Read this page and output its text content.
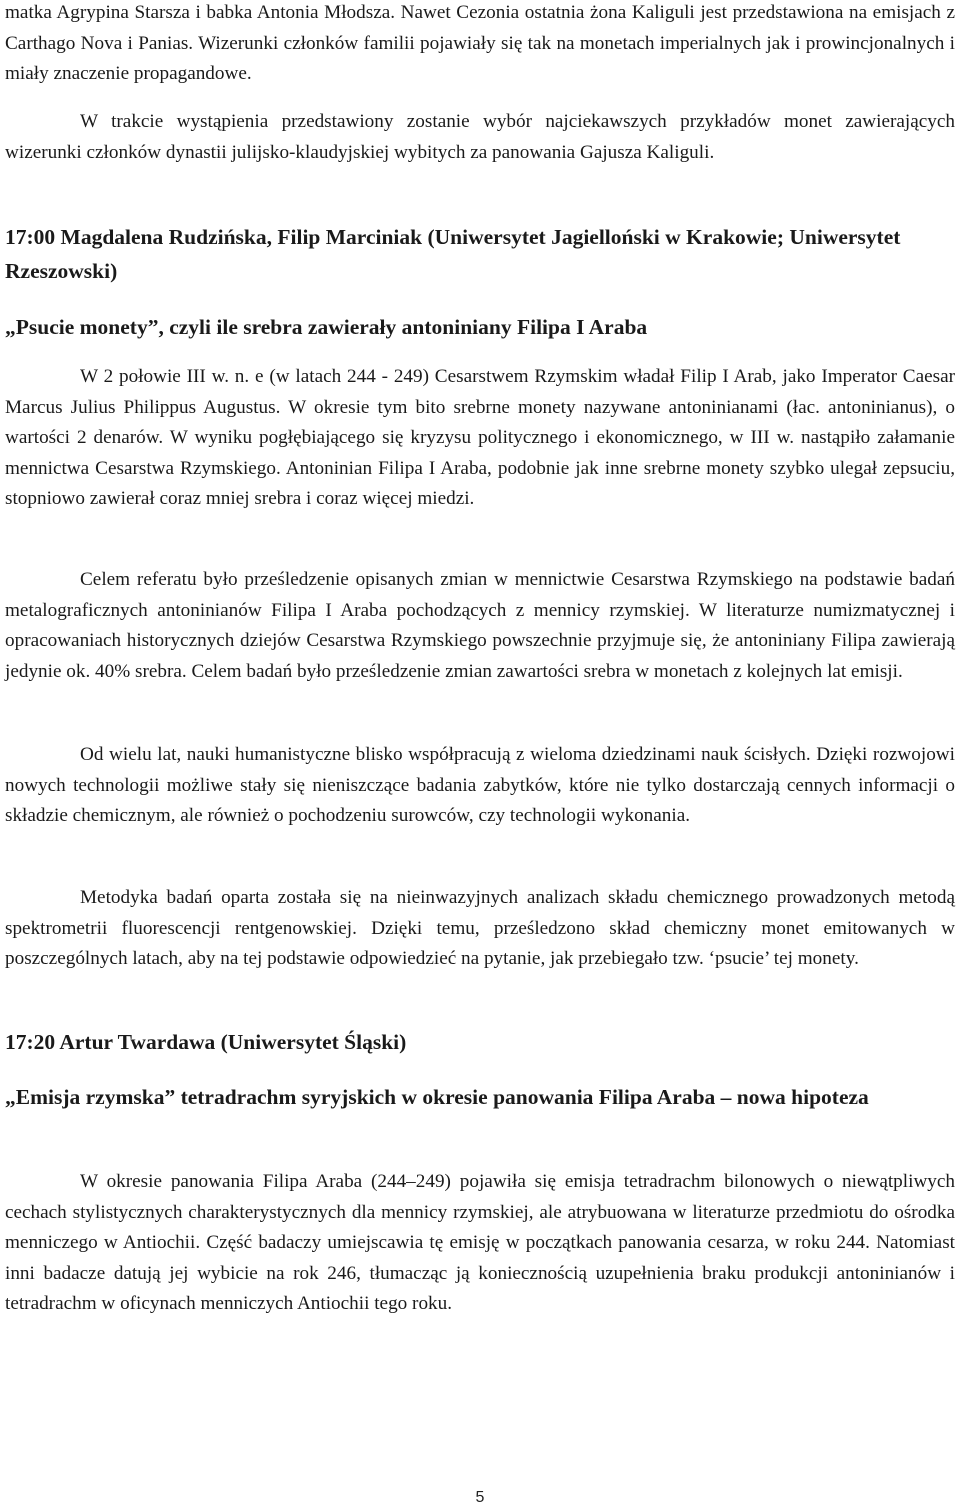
matka Agrypina Starsza i babka Antonia Młodsza. Nawet Cezonia ostatnia żona Kaliguli jest przedstawiona na emisjach z Carthago Nova i Panias. Wizerunki członków familii pojawiały się tak na monetach imperialnych jak i prowincjonalnych i miały znaczenie propagandowe.

W trakcie wystąpienia przedstawiony zostanie wybór najciekawszych przykładów monet zawierających wizerunki członków dynastii julijsko-klaudyjskiej wybitych za panowania Gajusza Kaliguli.

17:00 Magdalena Rudzińska, Filip Marciniak (Uniwersytet Jagielloński w Krakowie; Uniwersytet Rzeszowski)

„Psucie monety”, czyli ile srebra zawierały antoniniany Filipa I Araba

W 2 połowie III w. n. e (w latach 244 - 249) Cesarstwem Rzymskim władał Filip I Arab, jako Imperator Caesar Marcus Julius Philippus Augustus. W okresie tym bito srebrne monety nazywane antoninianami (łac. antoninianus), o wartości 2 denarów. W wyniku pogłębiającego się kryzysu politycznego i ekonomicznego, w III w. nastąpiło załamanie mennictwa Cesarstwa Rzymskiego. Antoninian Filipa I Araba, podobnie jak inne srebrne monety szybko ulegał zepsuciu, stopniowo zawierał coraz mniej srebra i coraz więcej miedzi.

Celem referatu było prześledzenie opisanych zmian w mennictwie Cesarstwa Rzymskiego na podstawie badań metalograficznych antoninianów Filipa I Araba pochodzących z mennicy rzymskiej. W literaturze numizmatycznej i opracowaniach historycznych dziejów Cesarstwa Rzymskiego powszechnie przyjmuje się, że antoniniany Filipa zawierają jedynie ok. 40% srebra. Celem badań było prześledzenie zmian zawartości srebra w monetach z kolejnych lat emisji.

Od wielu lat, nauki humanistyczne blisko współpracują z wieloma dziedzinami nauk ścisłych. Dzięki rozwojowi nowych technologii możliwe stały się nieniszczące badania zabytków, które nie tylko dostarczają cennych informacji o składzie chemicznym, ale również o pochodzeniu surowców, czy technologii wykonania.

Metodyka badań oparta została się na nieinwazyjnych analizach składu chemicznego prowadzonych metodą spektrometrii fluorescencji rentgenowskiej. Dzięki temu, prześledzono skład chemiczny monet emitowanych w poszczególnych latach, aby na tej podstawie odpowiedzieć na pytanie, jak przebiegało tzw. ‘psucie’ tej monety.

17:20 Artur Twardawa (Uniwersytet Śląski)

„Emisja rzymska” tetradrachm syryjskich w okresie panowania Filipa Araba – nowa hipoteza

W okresie panowania Filipa Araba (244–249) pojawiła się emisja tetradrachm bilonowych o niewątpliwych cechach stylistycznych charakterystycznych dla mennicy rzymskiej, ale atrybuowana w literaturze przedmiotu do ośrodka menniczego w Antiochii. Część badaczy umiejscawia tę emisję w początkach panowania cesarza, w roku 244. Natomiast inni badacze datują jej wybicie na rok 246, tłumacząc ją koniecznością uzupełnienia braku produkcji antoninianów i tetradrachm w oficynach menniczych Antiochii tego roku.

5
